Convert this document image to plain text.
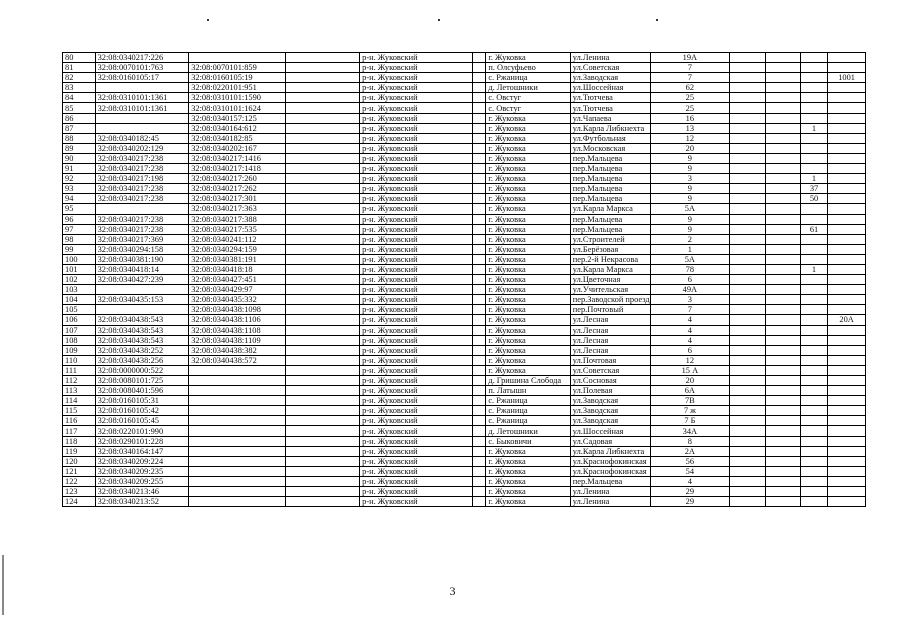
80	32:08:0340217:226			р-н. Жуковский		г. Жуковка	ул.Ленина	19А				
81	32:08:0070101:763	32:08:0070101:859		р-н. Жуковский		п. Олсуфьево	ул.Советская	7				
82	32:08:0160105:17	32:08:0160105:19		р-н. Жуковский		с. Ржаница	ул.Заводская	7				1001
83		32:08:0220101:951		р-н. Жуковский		д. Летошники	ул.Шоссейная	62				
84	32:08:0310101:1361	32:08:0310101:1590		р-н. Жуковский		с. Овстуг	ул.Тютчева	25				
85	32:08:0310101:1361	32:08:0310101:1624		р-н. Жуковский		с. Овстуг	ул.Тютчева	25				
86		32:08:0340157:125		р-н. Жуковский		г. Жуковка	ул.Чапаева	16				
87		32:08:0340164:612		р-н. Жуковский		г. Жуковка	ул.Карла Либкнехта	13			1	
88	32:08:0340182:45	32:08:0340182:85		р-н. Жуковский		г. Жуковка	ул.Футбольная	12				
89	32:08:0340202:129	32:08:0340202:167		р-н. Жуковский		г. Жуковка	ул.Московская	20				
90	32:08:0340217:238	32:08:0340217:1416		р-н. Жуковский		г. Жуковка	пер.Мальцева	9				
91	32:08:0340217:238	32:08:0340217:1418		р-н. Жуковский		г. Жуковка	пер.Мальцева	9				
92	32:08:0340217:198	32:08:0340217:260		р-н. Жуковский		г. Жуковка	пер.Мальцева	3			1	
93	32:08:0340217:238	32:08:0340217:262		р-н. Жуковский		г. Жуковка	пер.Мальцева	9			37	
94	32:08:0340217:238	32:08:0340217:301		р-н. Жуковский		г. Жуковка	пер.Мальцева	9			50	
95		32:08:0340217:363		р-н. Жуковский		г. Жуковка	ул.Карла Маркса	5А				
96	32:08:0340217:238	32:08:0340217:388		р-н. Жуковский		г. Жуковка	пер.Мальцева	9				
97	32:08:0340217:238	32:08:0340217:535		р-н. Жуковский		г. Жуковка	пер.Мальцева	9			61	
98	32:08:0340217:369	32:08:0340241:112		р-н. Жуковский		г. Жуковка	ул.Строителей	2				
99	32:08:0340294:158	32:08:0340294:159		р-н. Жуковский		г. Жуковка	ул.Берёзовая	1				
100	32:08:0340381:190	32:08:0340381:191		р-н. Жуковский		г. Жуковка	пер.2-й Некрасова	5А				
101	32:08:0340418:14	32:08:0340418:18		р-н. Жуковский		г. Жуковка	ул.Карла Маркса	78			1	
102	32:08:0340427:239	32:08:0340427:451		р-н. Жуковский		г. Жуковка	ул.Цветочная	6				
103		32:08:0340429:97		р-н. Жуковский		г. Жуковка	ул.Учительская	49А				
104	32:08:0340435:153	32:08:0340435:332		р-н. Жуковский		г. Жуковка	пер.Заводской проезд	3				
105		32:08:0340438:1098		р-н. Жуковский		г. Жуковка	пер.Почтовый	7				
106	32:08:0340438:543	32:08:0340438:1106		р-н. Жуковский		г. Жуковка	ул.Лесная	4				20А
107	32:08:0340438:543	32:08:0340438:1108		р-н. Жуковский		г. Жуковка	ул.Лесная	4				
108	32:08:0340438:543	32:08:0340438:1109		р-н. Жуковский		г. Жуковка	ул.Лесная	4				
109	32:08:0340438:252	32:08:0340438:382		р-н. Жуковский		г. Жуковка	ул.Лесная	6				
110	32:08:0340438:256	32:08:0340438:572		р-н. Жуковский		г. Жуковка	ул.Почтовая	12				
111	32:08:0000000:522			р-н. Жуковский		г. Жуковка	ул.Советская	15 А				
112	32:08:0080101:725			р-н. Жуковский		д. Гришина Слобода	ул.Сосновая	20				
113	32:08:0080401:596			р-н. Жуковский		п. Латышн	ул.Полевая	6А				
114	32:08:0160105:31			р-н. Жуковский		с. Ржаница	ул.Заводская	7В				
115	32:08:0160105:42			р-н. Жуковский		с. Ржаница	ул.Заводская	7 ж				
116	32:08:0160105:45			р-н. Жуковский		с. Ржаница	ул.Заводская	7 Б				
117	32:08:0220101:990			р-н. Жуковский		д. Летошники	ул.Шоссейная	34А				
118	32:08:0290101:228			р-н. Жуковский		с. Быковичи	ул.Садовая	8				
119	32:08:0340164:147			р-н. Жуковский		г. Жуковка	ул.Карла Либкнехта	2А				
120	32:08:0340209:224			р-н. Жуковский		г. Жуковка	ул.Краснофокинская	56				
121	32:08:0340209:235			р-н. Жуковский		г. Жуковка	ул.Краснофокинская	54				
122	32:08:0340209:255			р-н. Жуковский		г. Жуковка	пер.Мальцева	4				
123	32:08:0340213:46			р-н. Жуковский		г. Жуковка	ул.Ленина	29				
124	32:08:0340213:52			р-н. Жуковский		г. Жуковка	ул.Ленина	29				
3
